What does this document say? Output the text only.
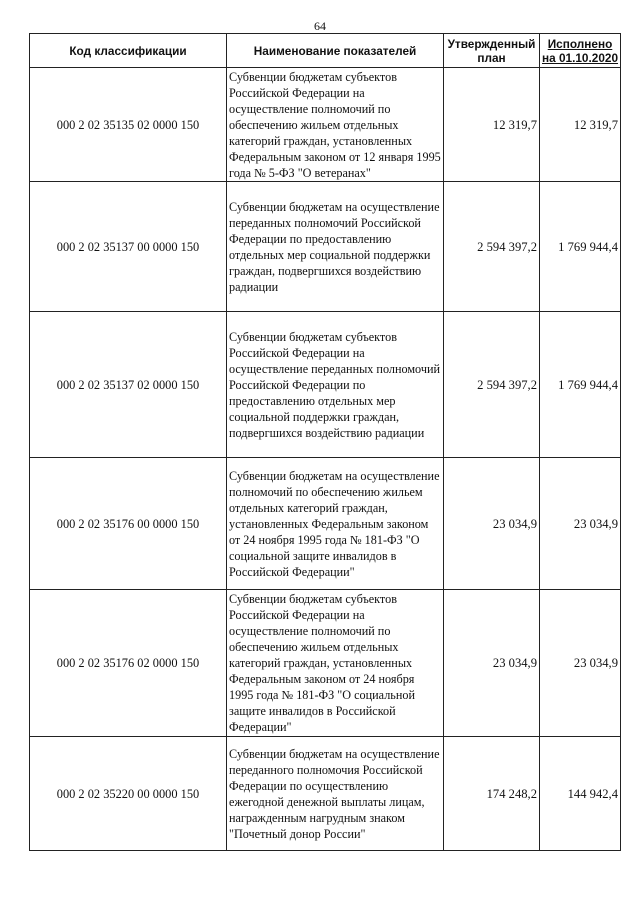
64
Код классификации	Наименование показателей	Утвержденный план	Исполнено на 01.10.2020
000 2 02 35135 02 0000 150	Субвенции бюджетам субъектов Российской Федерации на осуществление полномочий по обеспечению жильем отдельных категорий граждан, установленных Федеральным законом от 12 января 1995 года № 5-ФЗ "О ветеранах"	12 319,7	12 319,7
000 2 02 35137 00 0000 150	Субвенции бюджетам на осуществление переданных полномочий Российской Федерации по предоставлению отдельных мер социальной поддержки граждан, подвергшихся воздействию радиации	2 594 397,2	1 769 944,4
000 2 02 35137 02 0000 150	Субвенции бюджетам субъектов Российской Федерации на осуществление переданных полномочий Российской Федерации по предоставлению отдельных мер социальной поддержки граждан, подвергшихся воздействию радиации	2 594 397,2	1 769 944,4
000 2 02 35176 00 0000 150	Субвенции бюджетам на осуществление полномочий по обеспечению жильем отдельных категорий граждан, установленных Федеральным законом от 24 ноября 1995 года № 181-ФЗ "О социальной защите инвалидов в Российской Федерации"	23 034,9	23 034,9
000 2 02 35176 02 0000 150	Субвенции бюджетам субъектов Российской Федерации на осуществление полномочий по обеспечению жильем отдельных категорий граждан, установленных Федеральным законом от 24 ноября 1995 года № 181-ФЗ "О социальной защите инвалидов в Российской Федерации"	23 034,9	23 034,9
000 2 02 35220 00 0000 150	Субвенции бюджетам на осуществление переданного полномочия Российской Федерации по осуществлению ежегодной денежной выплаты лицам, награжденным нагрудным знаком "Почетный донор России"	174 248,2	144 942,4
